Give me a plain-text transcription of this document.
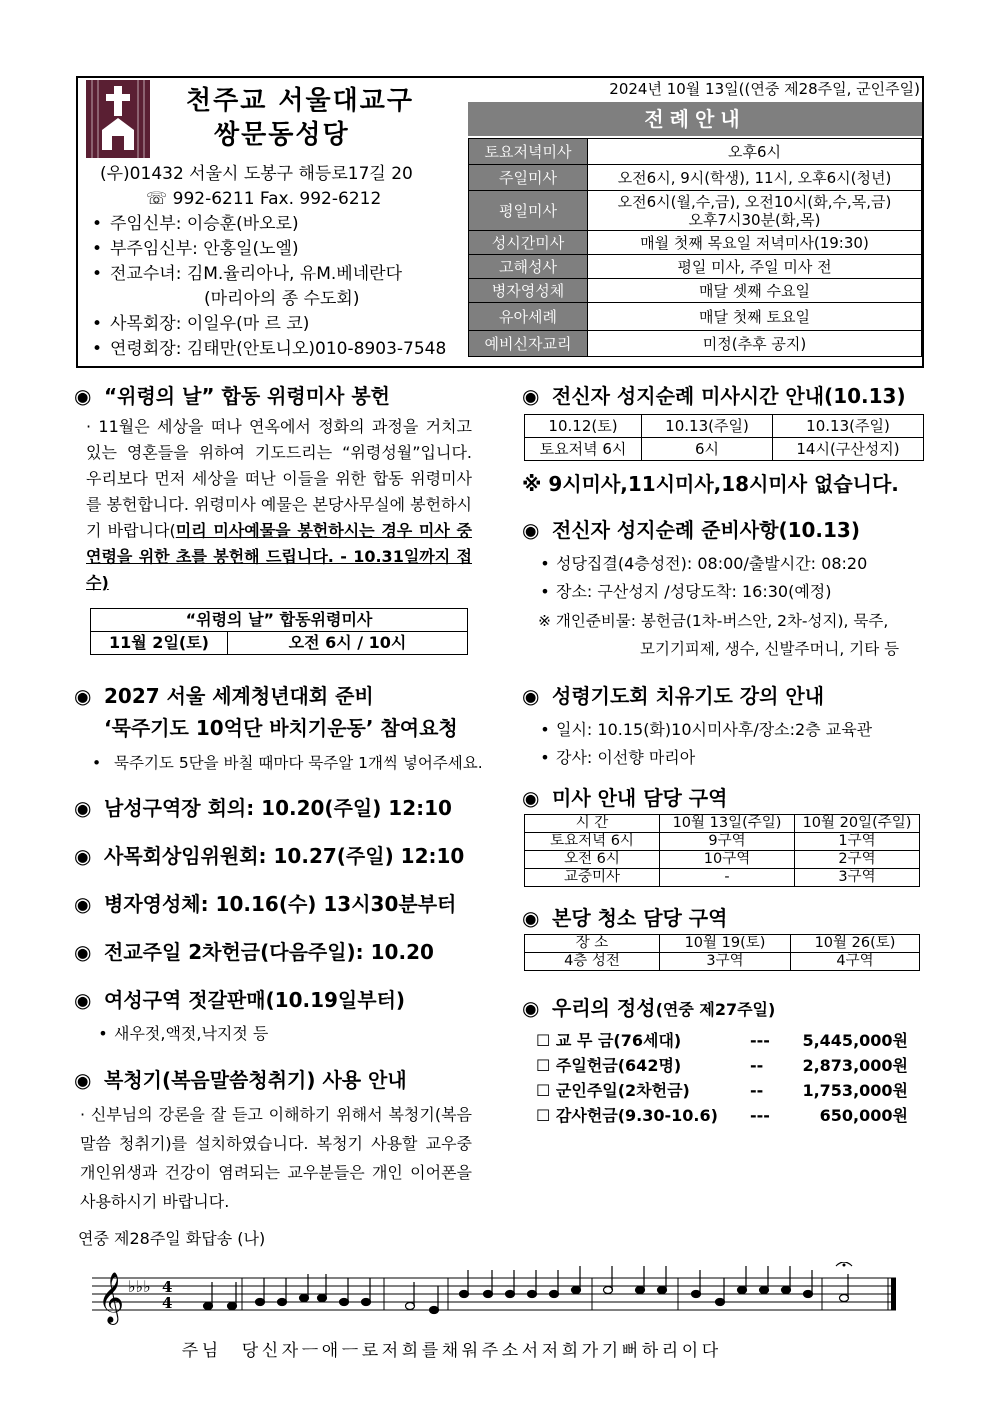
천주교 서울대교구
쌍문동성당
(우)01432 서울시 도봉구 해등로17길 20
☏ 992-6211 Fax. 992-6212
• 주임신부: 이승훈(바오로)
• 부주임신부: 안홍일(노엘)
• 전교수녀: 김M.율리아나, 유M.베네란다
(마리아의 종 수도회)
• 사목회장: 이일우(마 르 코)
• 연령회장: 김태만(안토니오)010-8903-7548
2024년 10월 13일((연중 제28주일, 군인주일)
전례안내
토요저녁미사	오후6시
주일미사	오전6시, 9시(학생), 11시, 오후6시(청년)
평일미사	오전6시(월,수,금), 오전10시(화,수,목,금)
오후7시30분(화,목)

성시간미사	매월 첫째 목요일 저녁미사(19:30)
고해성사	평일 미사, 주일 미사 전
병자영성체	매달 셋째 수요일
유아세례	매달 첫째 토요일
예비신자교리	미정(추후 공지)
◉ “위령의 날” 합동 위령미사 봉헌
· 11월은 세상을 떠나 연옥에서 정화의 과정을 거치고 있는 영혼들을 위하여 기도드리는 “위령성월”입니다. 우리보다 먼저 세상을 떠난 이들을 위한 합동 위령미사를 봉헌합니다. 위령미사 예물은 본당사무실에 봉헌하시기 바랍니다(미리 미사예물을 봉헌하시는 경우 미사 중 연령을 위한 초를 봉헌해 드립니다. - 10.31일까지 접수)
“위령의 날” 합동위령미사
11월 2일(토)	오전 6시 / 10시
◉ 2027 서울 세계청년대회 준비
‘묵주기도 10억단 바치기운동’ 참여요청
• 묵주기도 5단을 바칠 때마다 묵주알 1개씩 넣어주세요.
◉ 남성구역장 회의: 10.20(주일) 12:10
◉ 사목회상임위원회: 10.27(주일) 12:10
◉ 병자영성체: 10.16(수) 13시30분부터
◉ 전교주일 2차헌금(다음주일): 10.20
◉ 여성구역 젓갈판매(10.19일부터)
• 새우젓,액젓,낙지젓 등
◉ 복청기(복음말씀청취기) 사용 안내
· 신부님의 강론을 잘 듣고 이해하기 위해서 복청기(복음말씀 청취기)를 설치하였습니다. 복청기 사용할 교우중 개인위생과 건강이 염려되는 교우분들은 개인 이어폰을 사용하시기 바랍니다.
◉ 전신자 성지순례 미사시간 안내(10.13)
10.12(토)	10.13(주일)	10.13(주일)
토요저녁 6시	6시	14시(구산성지)
※ 9시미사,11시미사,18시미사 없습니다.
◉ 전신자 성지순례 준비사항(10.13)
• 성당집결(4층성전): 08:00/출발시간: 08:20
• 장소: 구산성지 /성당도착: 16:30(예정)
※ 개인준비물: 봉헌금(1차-버스안, 2차-성지), 묵주,
모기기피제, 생수, 신발주머니, 기타 등
◉ 성령기도회 치유기도 강의 안내
• 일시: 10.15(화)10시미사후/장소:2층 교육관
• 강사: 이선향 마리아
◉ 미사 안내 담당 구역
시 간	10월 13일(주일)	10월 20일(주일)
토요저녁 6시	9구역	1구역
오전 6시	10구역	2구역
교중미사	-	3구역
◉ 본당 청소 담당 구역
장 소	10월 19(토)	10월 26(토)
4층 성전	3구역	4구역
◉ 우리의 정성(연중 제27주일)
☐ 교 무 금(76세대)	--- 5,445,000원
☐ 주일헌금(642명)	-- 2,873,000원
☐ 군인주일(2차헌금)	-- 1,753,000원
☐ 감사헌금(9.30-10.6) ---	650,000원
연중 제28주일 화답송 (나)
𝄞 ♭♭♭ 4
4
주 님 당 신 자 ㅡ 애 ㅡ 로 저 희 를 채 워 주 소 서 저 희 가 기 뻐 하 리 이 다
